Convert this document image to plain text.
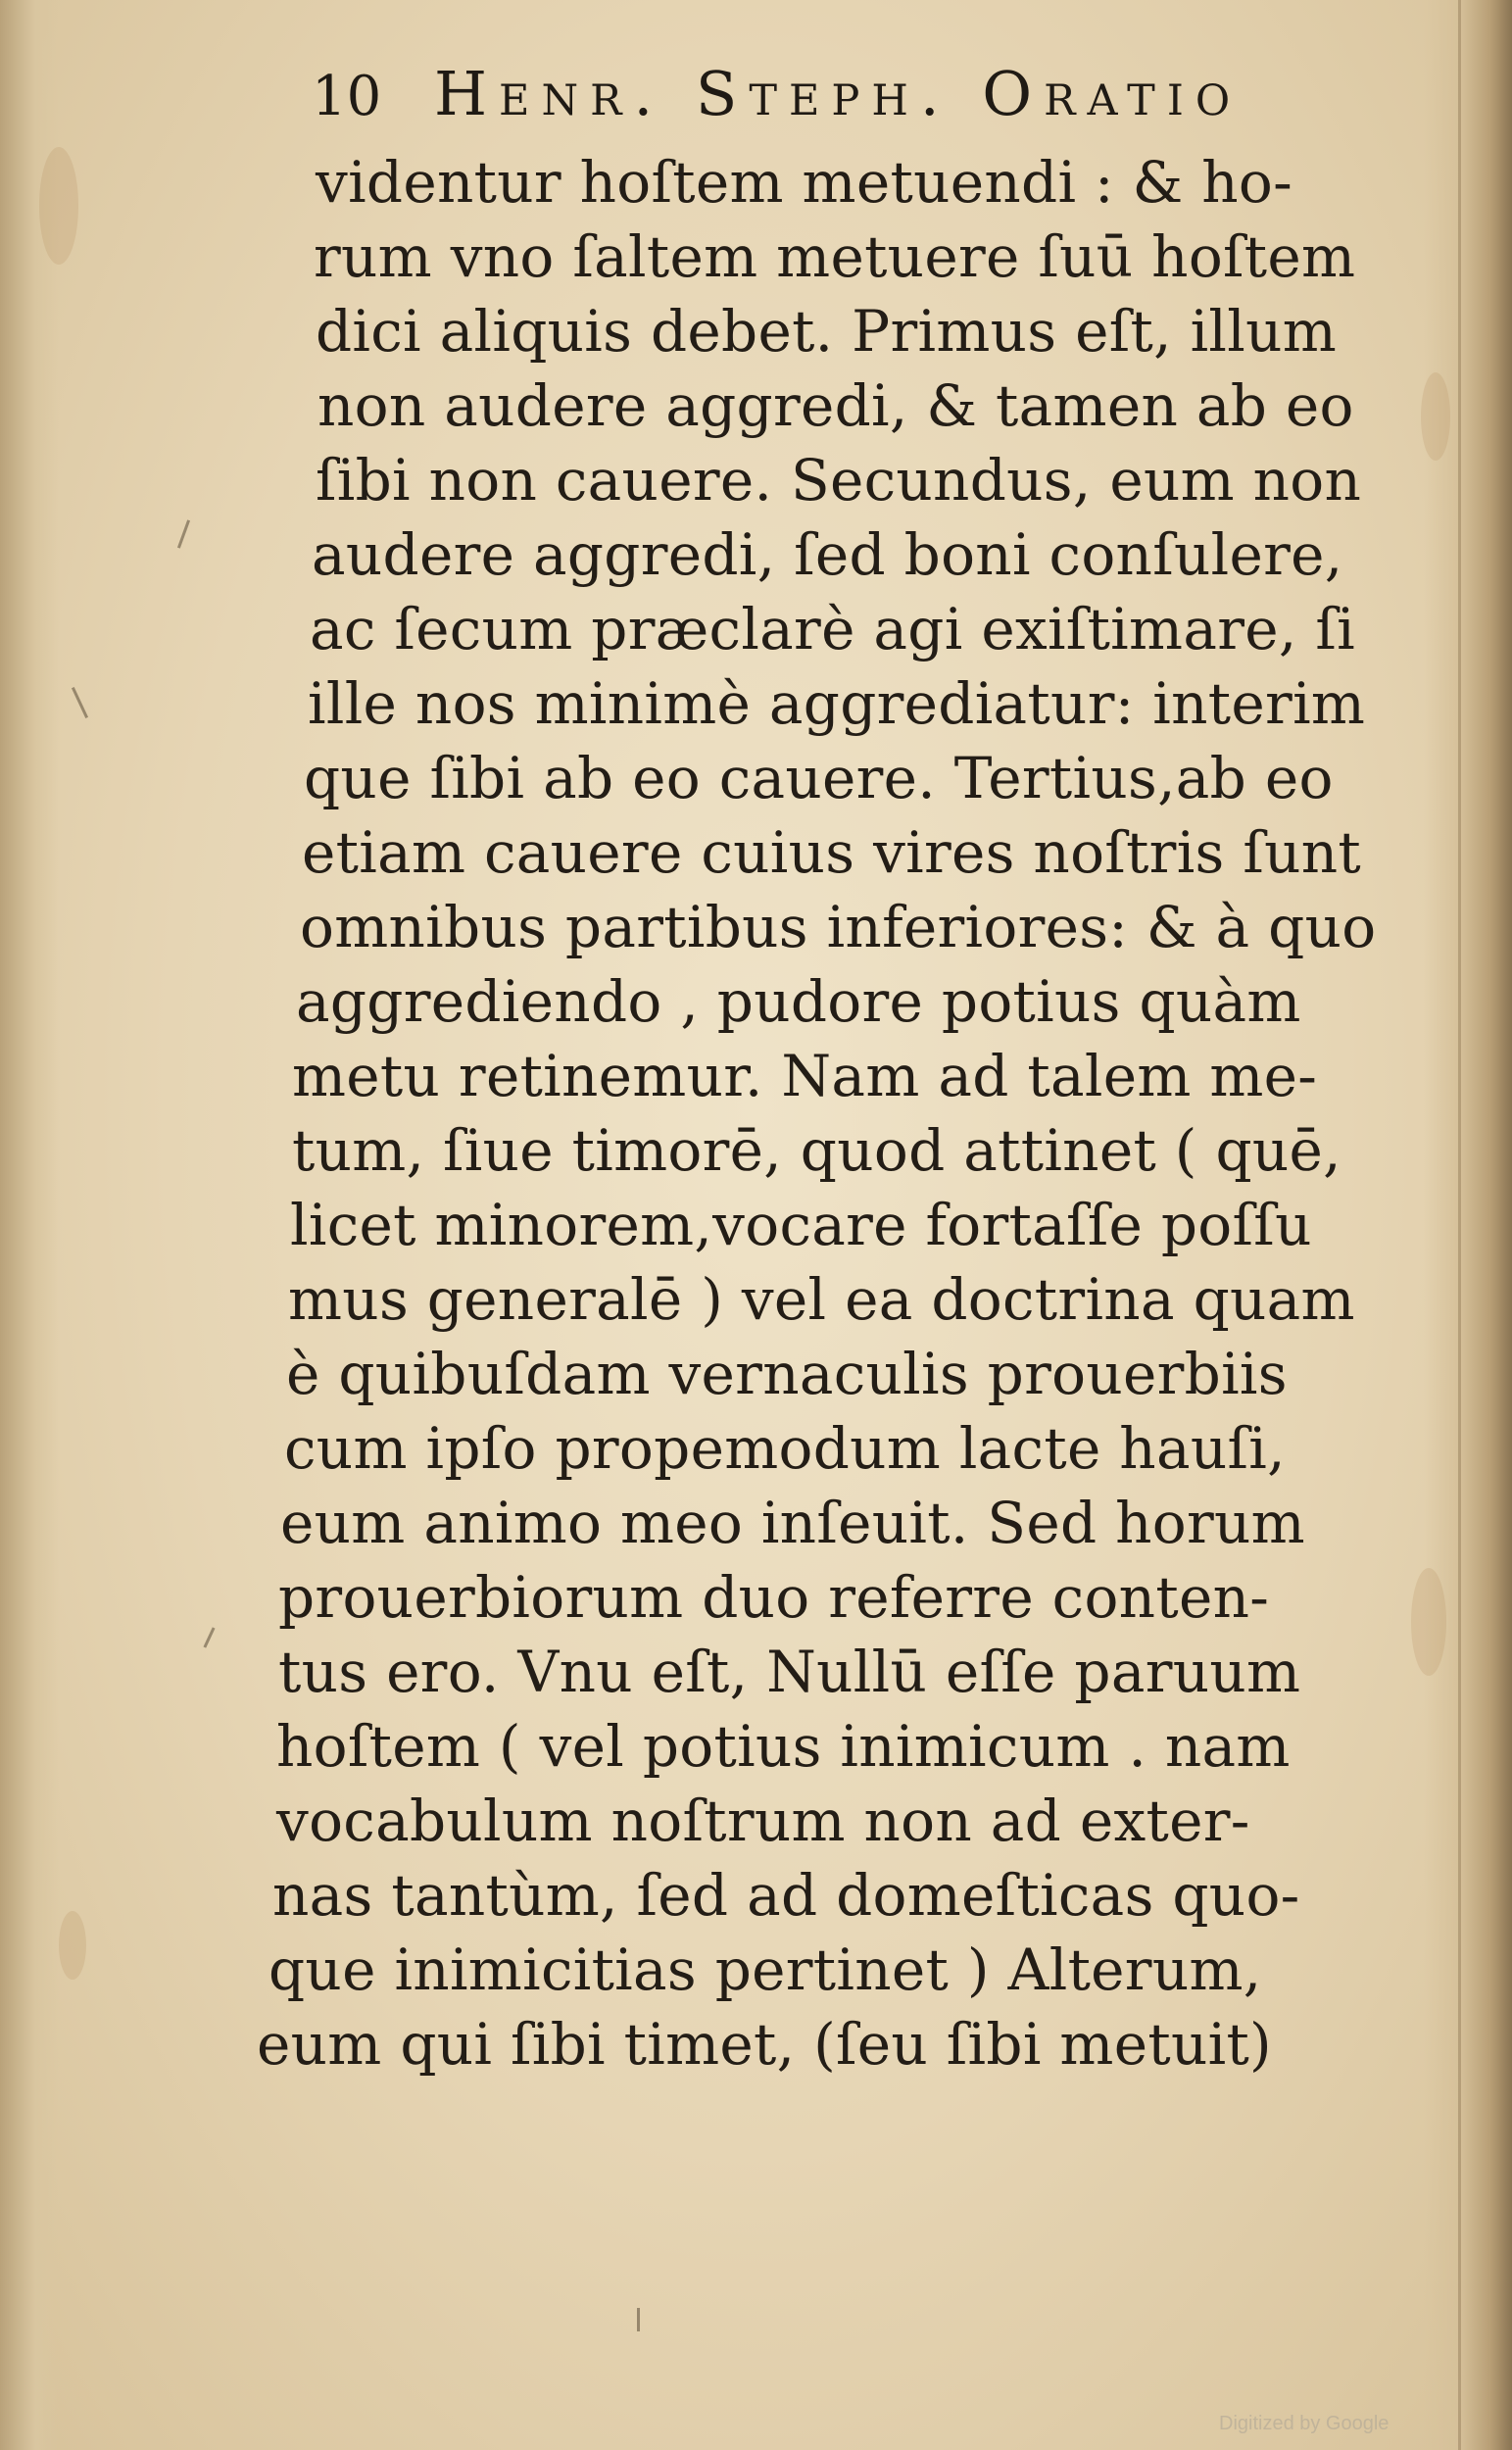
10 Henr. Steph. Oratio
videntur hoſtem metuendi : & ho-
rum vno ſaltem metuere ſuū hoſtem
dici aliquis debet. Primus eſt, illum
non audere aggredi, & tamen ab eo
ſibi non cauere. Secundus, eum non
audere aggredi, ſed boni conſulere,
ac ſecum præclarè agi exiſtimare, ſi
ille nos minimè aggrediatur: interim
que ſibi ab eo cauere. Tertius,ab eo
etiam cauere cuius vires noſtris ſunt
omnibus partibus inferiores: & à quo
aggrediendo , pudore potius quàm
metu retinemur. Nam ad talem me-
tum, ſiue timorē, quod attinet ( quē,
licet minorem,vocare fortaſſe poſſu
mus generalē ) vel ea doctrina quam
è quibuſdam vernaculis prouerbiis
cum ipſo propemodum lacte hauſi,
eum animo meo inſeuit. Sed horum
prouerbiorum duo referre conten-
tus ero. Vnu eſt, Nullū eſſe paruum
hoſtem ( vel potius inimicum . nam
vocabulum noſtrum non ad exter-
nas tantùm, ſed ad domeſticas quo-
que inimicitias pertinet ) Alterum,
eum qui ſibi timet, (ſeu ſibi metuit)
Digitized by Google
